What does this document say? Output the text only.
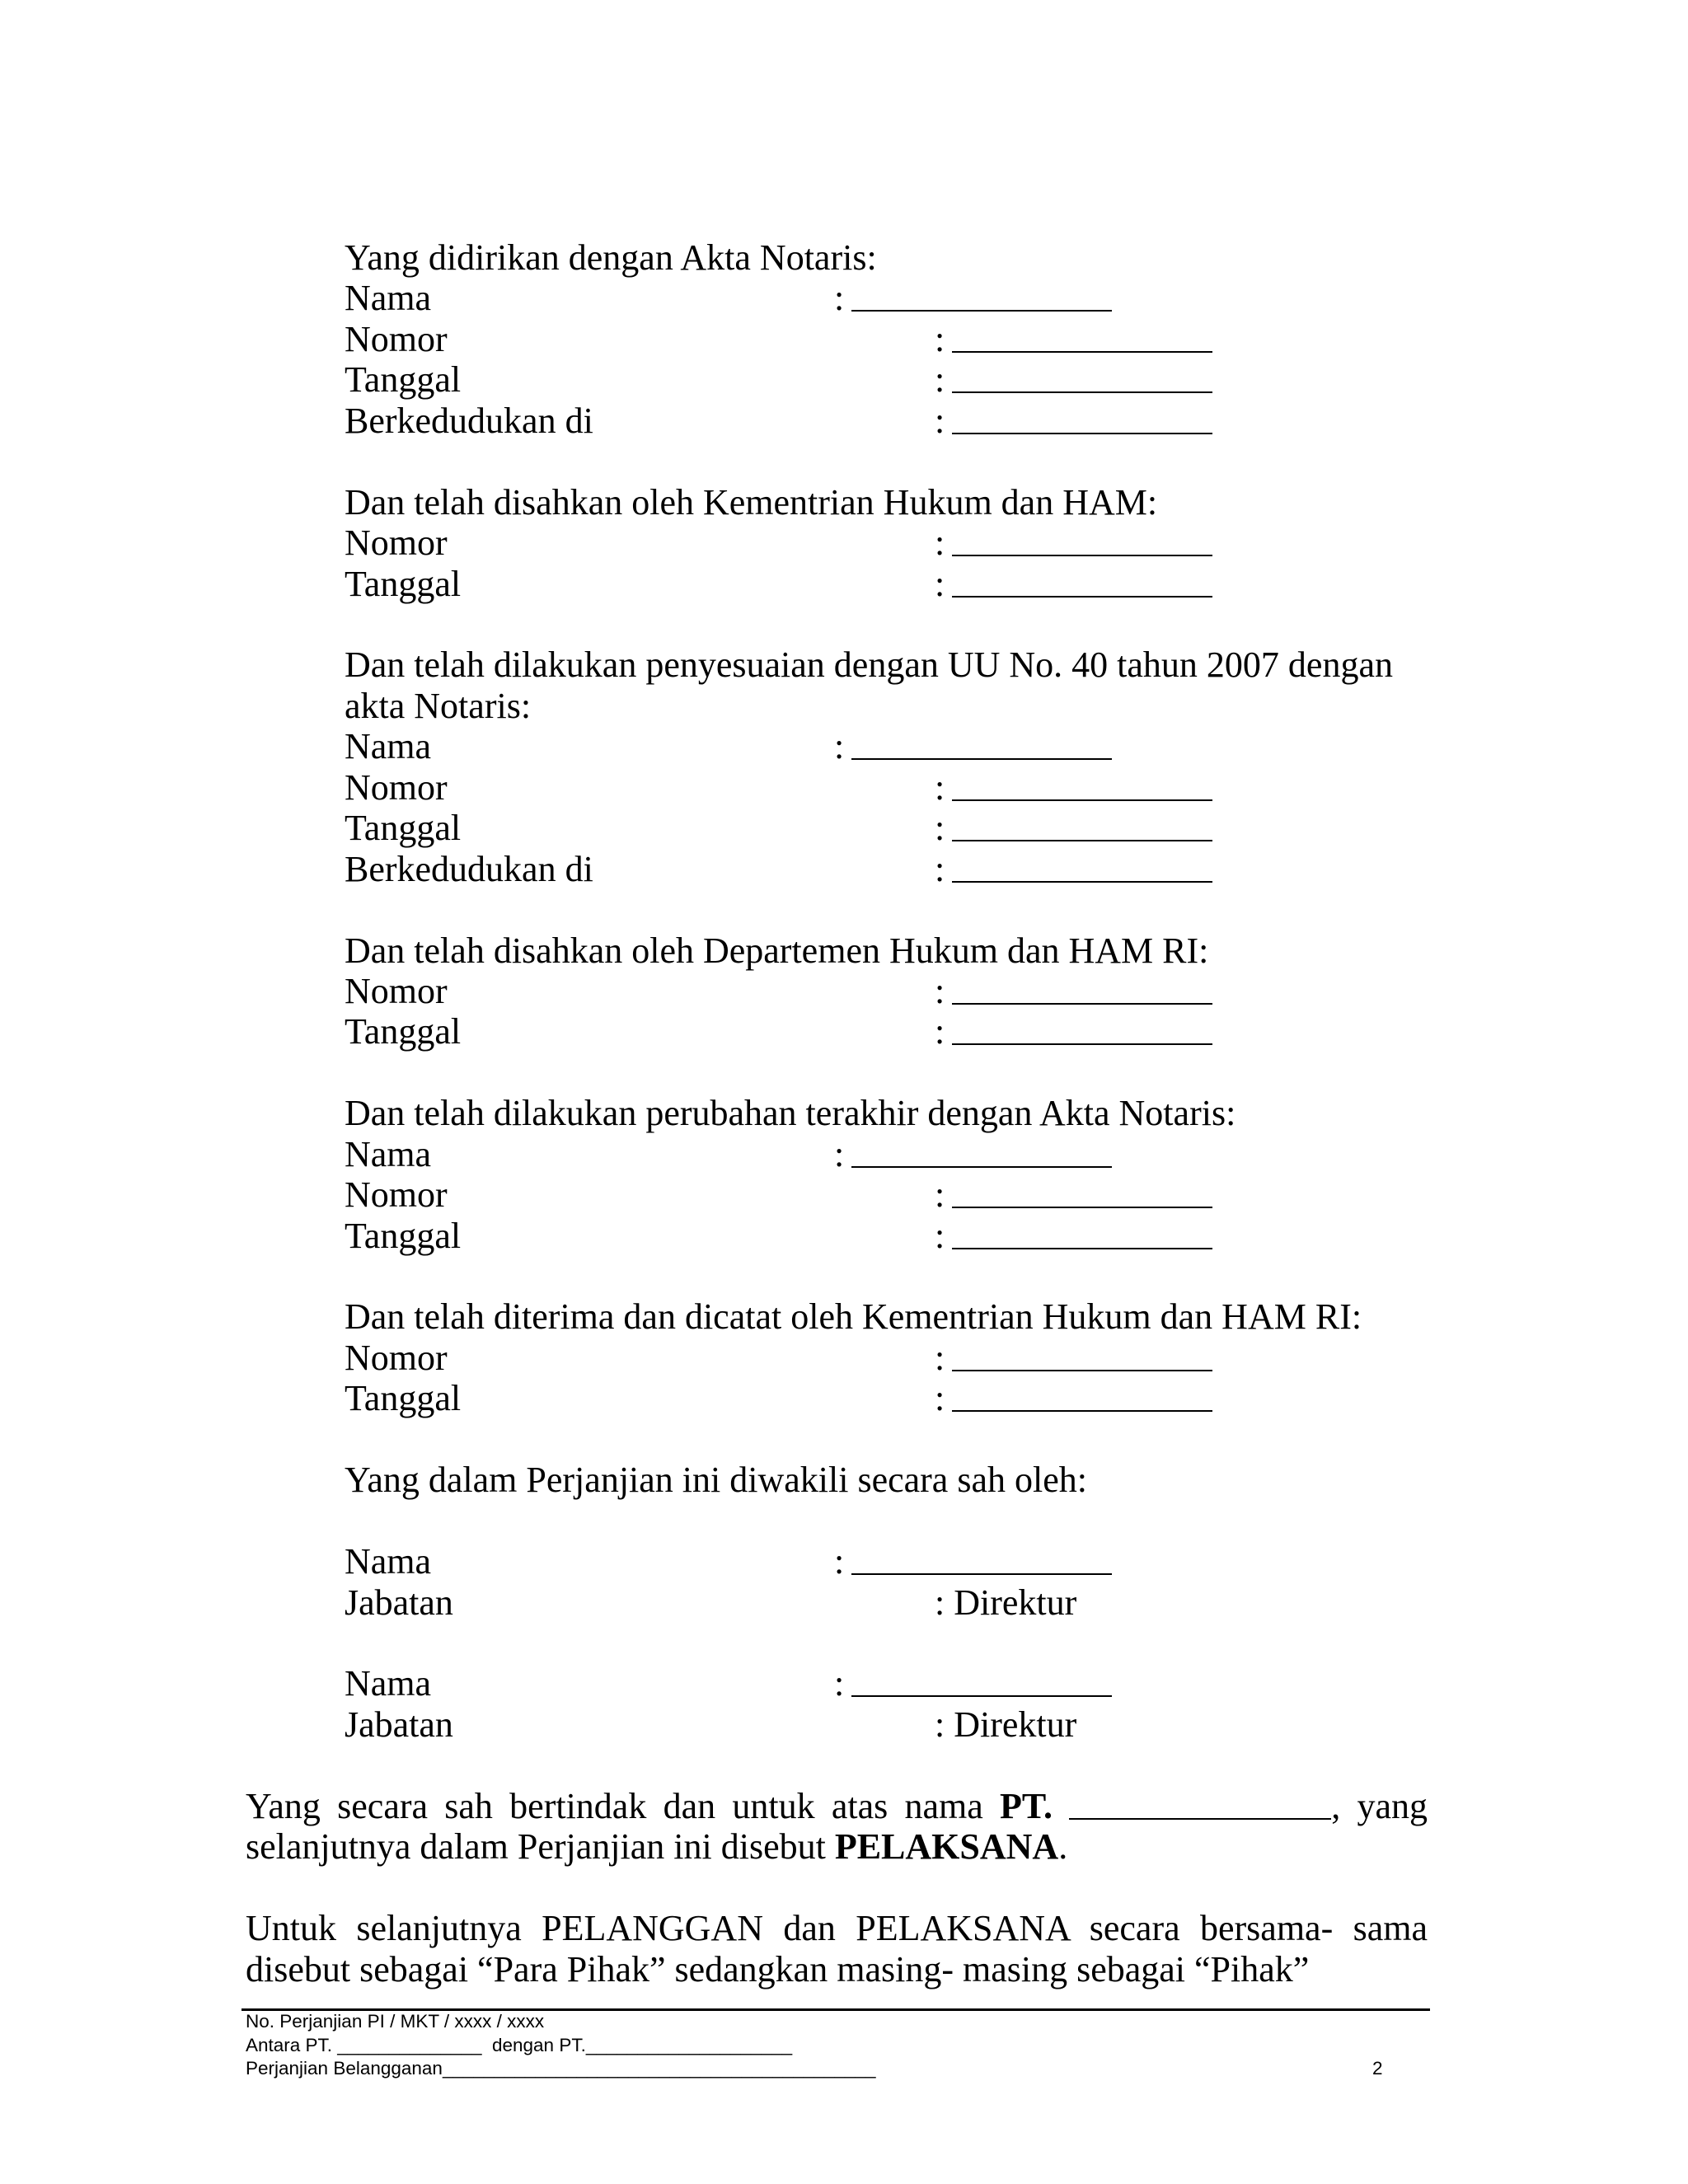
Yang didirikan dengan Akta Notaris:
Nama	:
Nomor	:
Tanggal	:
Berkedudukan di	:
Dan telah disahkan oleh Kementrian Hukum dan HAM:
Nomor	:
Tanggal	:
Dan telah dilakukan penyesuaian dengan UU No. 40 tahun 2007 dengan akta Notaris:
Nama	:
Nomor	:
Tanggal	:
Berkedudukan di	:
Dan telah disahkan oleh Departemen Hukum dan HAM RI:
Nomor	:
Tanggal	:
Dan telah dilakukan perubahan terakhir dengan Akta Notaris:
Nama	:
Nomor	:
Tanggal	:
Dan telah diterima dan dicatat oleh Kementrian Hukum dan HAM RI:
Nomor	:
Tanggal	:
Yang dalam Perjanjian ini diwakili secara sah oleh:
Nama	:
Jabatan	: Direktur
Nama	:
Jabatan	: Direktur

Yang secara sah bertindak dan untuk atas nama PT.	, yang selanjutnya dalam Perjanjian ini disebut PELAKSANA.

Untuk selanjutnya PELANGGAN dan PELAKSANA secara bersama- sama disebut sebagai “Para Pihak” sedangkan masing- masing sebagai “Pihak”

No. Perjanjian PI / MKT / xxxx / xxxx
Antara PT. ______________  dengan PT.____________________
Perjanjian Belangganan__________________________________________	2
